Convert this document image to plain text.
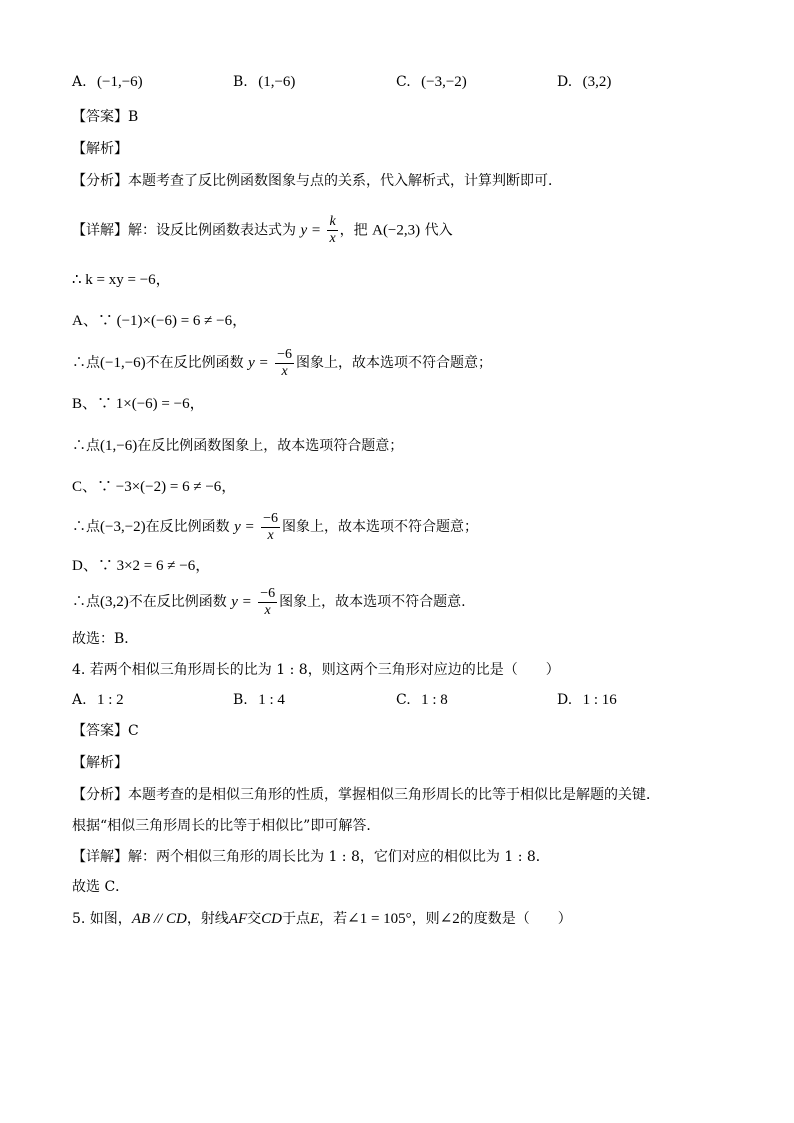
A. (−1,−6)	B. (1,−6)	C. (−3,−2)	D. (3,2)
【答案】B
【解析】
【分析】本题考查了反比例函数图象与点的关系，代入解析式，计算判断即可．
【详解】解：设反比例函数表达式为 $y = \frac{k}{x}$ ，把 A(−2,3) 代入
∴ k = xy = −6，
A、∵ (−1)×(−6) = 6 ≠ −6，
∴点(−1,−6)不在反比例函数 $y = \frac{-6}{x}$ 图象上，故本选项不符合题意；
B、∵ 1×(−6) = −6，
∴点(1,−6)在反比例函数图象上，故本选项符合题意；
C、∵ −3×(−2) = 6 ≠ −6，
∴点(−3,−2)在反比例函数 $y = \frac{-6}{x}$ 图象上，故本选项不符合题意；
D、∵ 3×2 = 6 ≠ −6，
∴点(3,2)不在反比例函数 $y = \frac{-6}{x}$ 图象上，故本选项不符合题意.
故选：B．
4. 若两个相似三角形周长的比为 1 : 8，则这两个三角形对应边的比是（　　）
A. 1 : 2	B. 1 : 4	C. 1 : 8	D. 1 : 16
【答案】C
【解析】
【分析】本题考查的是相似三角形的性质，掌握相似三角形周长的比等于相似比是解题的关键．
根据“相似三角形周长的比等于相似比”即可解答．
【详解】解：两个相似三角形的周长比为 1 : 8，它们对应的相似比为 1 : 8．
故选 C．
5. 如图，AB // CD，射线AF交CD于点E，若∠1 = 105°，则∠2的度数是（　　）
